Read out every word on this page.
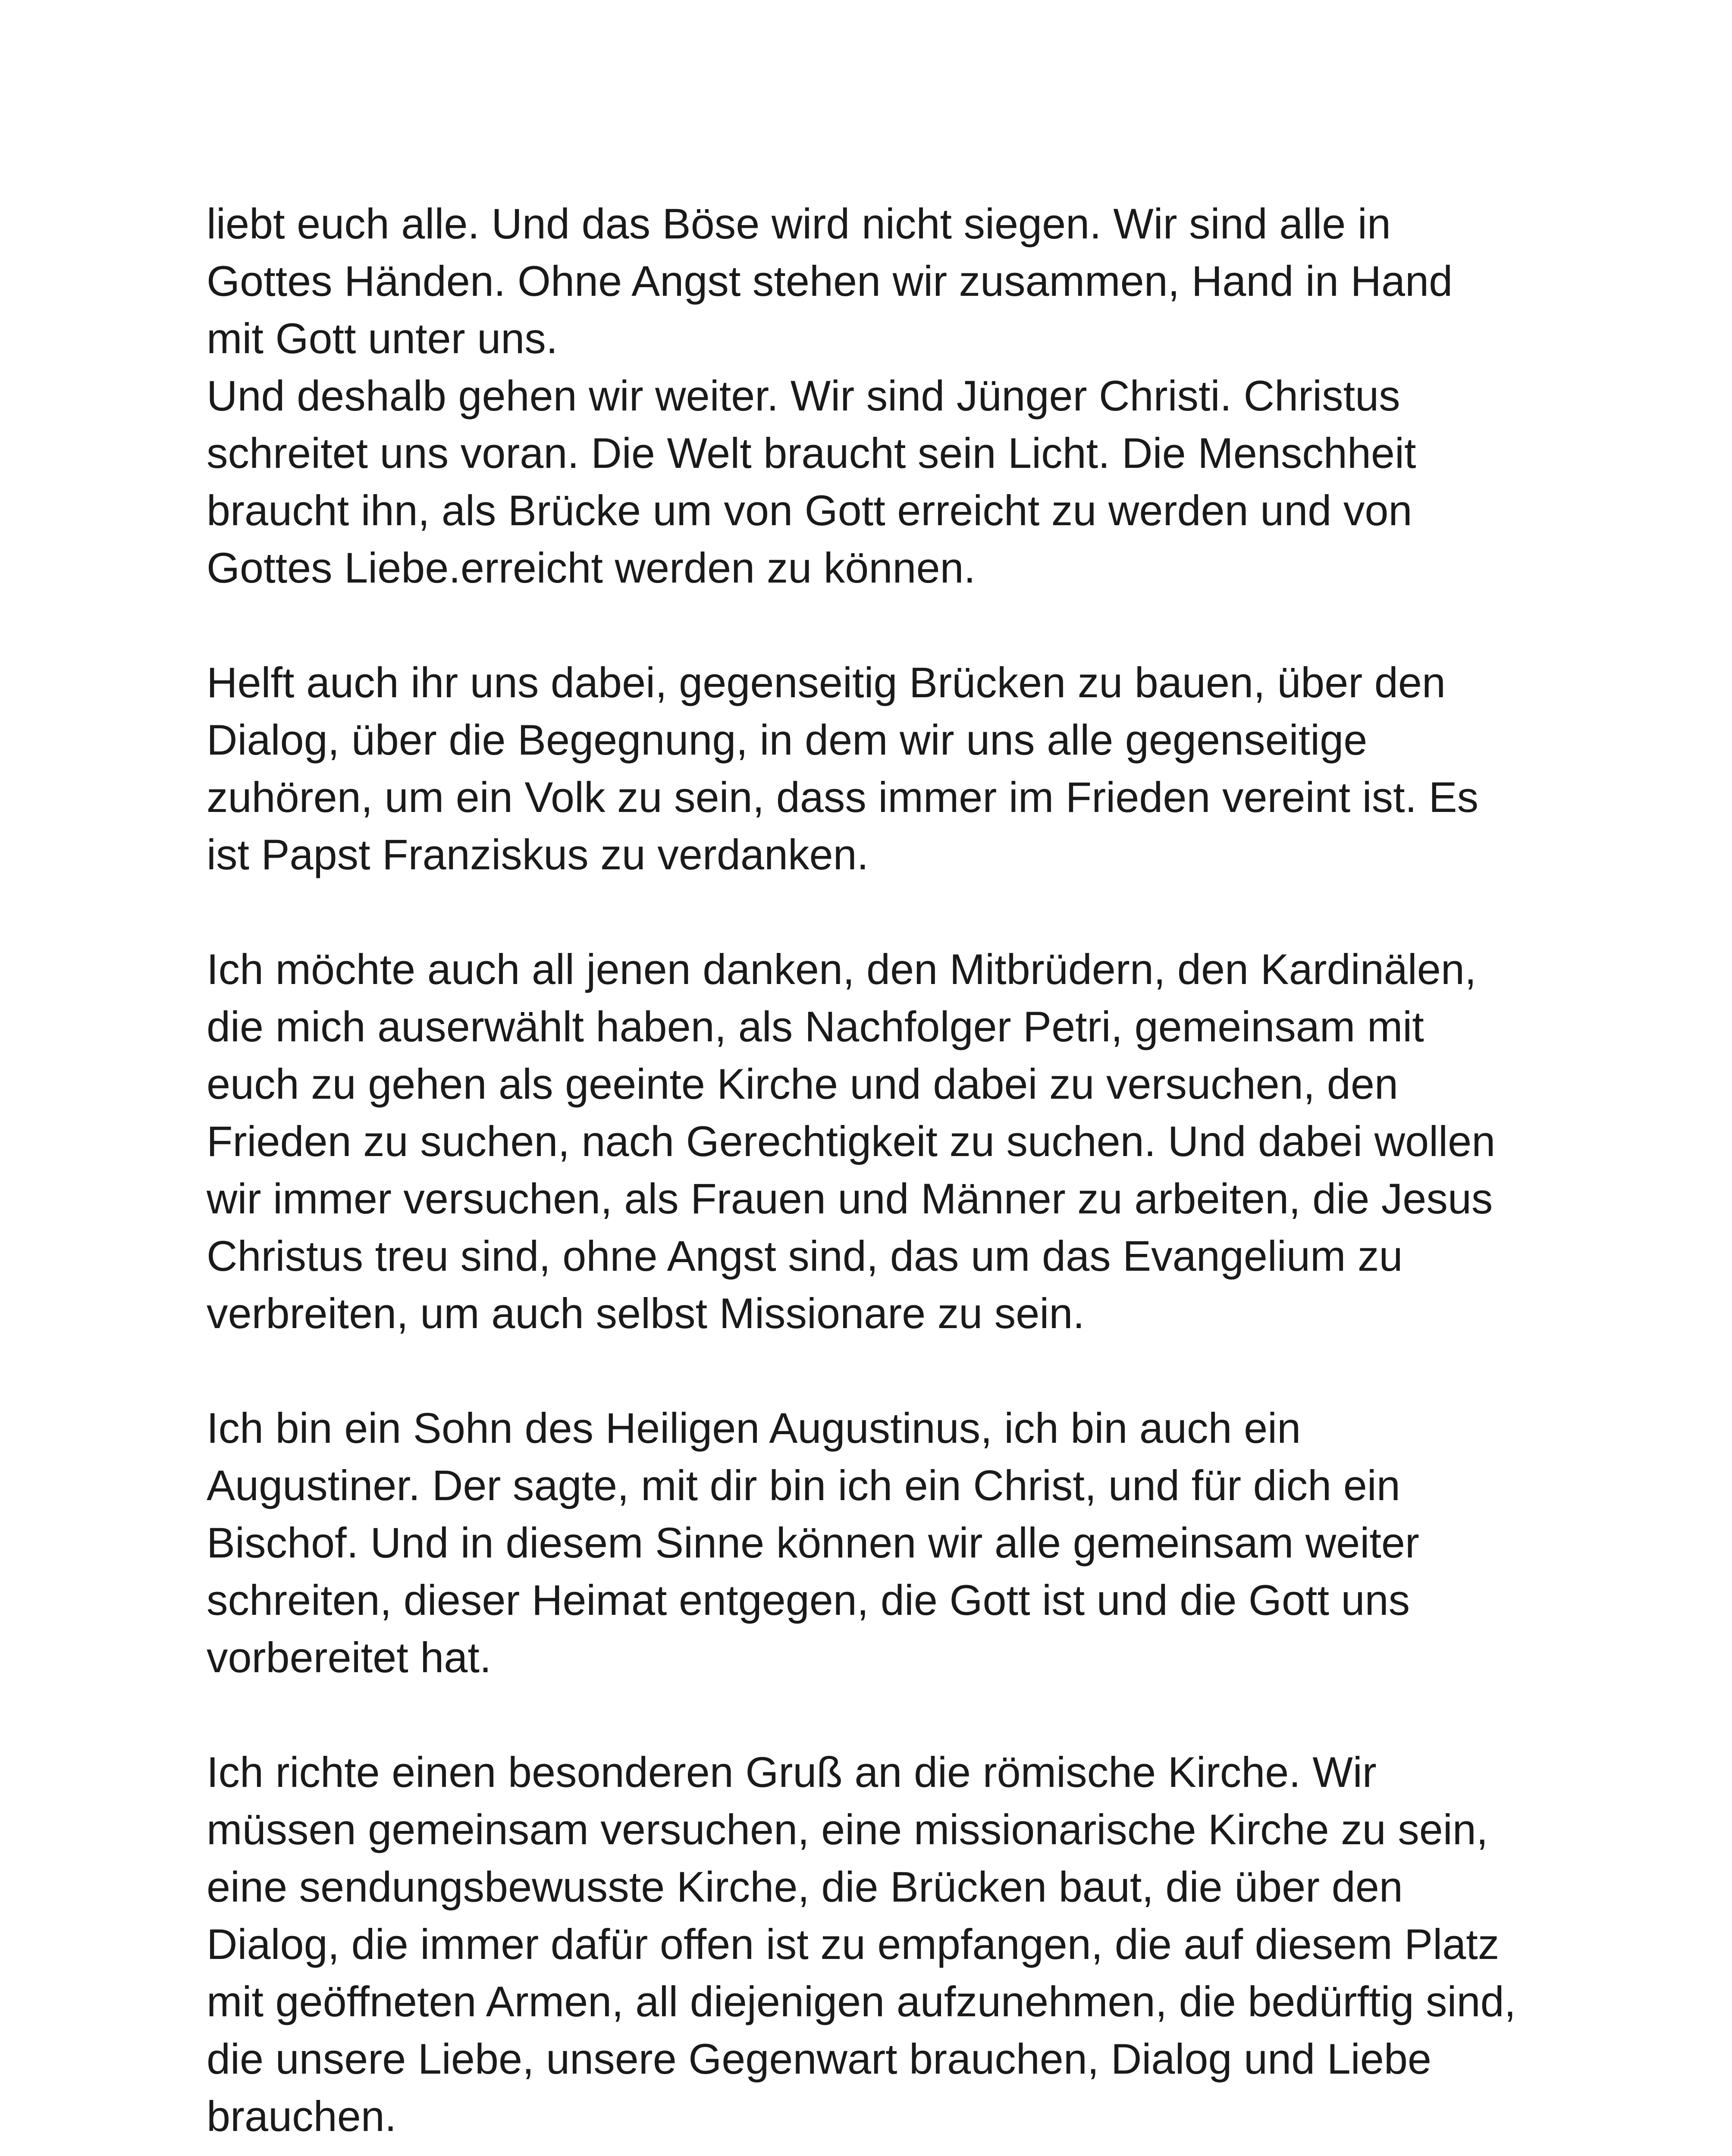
liebt euch alle. Und das Böse wird nicht siegen. Wir sind alle in
Gottes Händen. Ohne Angst stehen wir zusammen, Hand in Hand
mit Gott unter uns.

Und deshalb gehen wir weiter. Wir sind Jünger Christi. Christus
schreitet uns voran. Die Welt braucht sein Licht. Die Menschheit
braucht ihn, als Brücke um von Gott erreicht zu werden und von
Gottes Liebe.erreicht werden zu können.

Helft auch ihr uns dabei, gegenseitig Brücken zu bauen, über den
Dialog, über die Begegnung, in dem wir uns alle gegenseitige
zuhören, um ein Volk zu sein, dass immer im Frieden vereint ist. Es
ist Papst Franziskus zu verdanken.

Ich möchte auch all jenen danken, den Mitbrüdern, den Kardinälen,
die mich auserwählt haben, als Nachfolger Petri, gemeinsam mit
euch zu gehen als geeinte Kirche und dabei zu versuchen, den
Frieden zu suchen, nach Gerechtigkeit zu suchen. Und dabei wollen
wir immer versuchen, als Frauen und Männer zu arbeiten, die Jesus
Christus treu sind, ohne Angst sind, das um das Evangelium zu
verbreiten, um auch selbst Missionare zu sein.

Ich bin ein Sohn des Heiligen Augustinus, ich bin auch ein
Augustiner. Der sagte, mit dir bin ich ein Christ, und für dich ein
Bischof. Und in diesem Sinne können wir alle gemeinsam weiter
schreiten, dieser Heimat entgegen, die Gott ist und die Gott uns
vorbereitet hat.

Ich richte einen besonderen Gruß an die römische Kirche. Wir
müssen gemeinsam versuchen, eine missionarische Kirche zu sein,
eine sendungsbewusste Kirche, die Brücken baut, die über den
Dialog, die immer dafür offen ist zu empfangen, die auf diesem Platz
mit geöffneten Armen, all diejenigen aufzunehmen, die bedürftig sind,
die unsere Liebe, unsere Gegenwart brauchen, Dialog und Liebe
brauchen.
